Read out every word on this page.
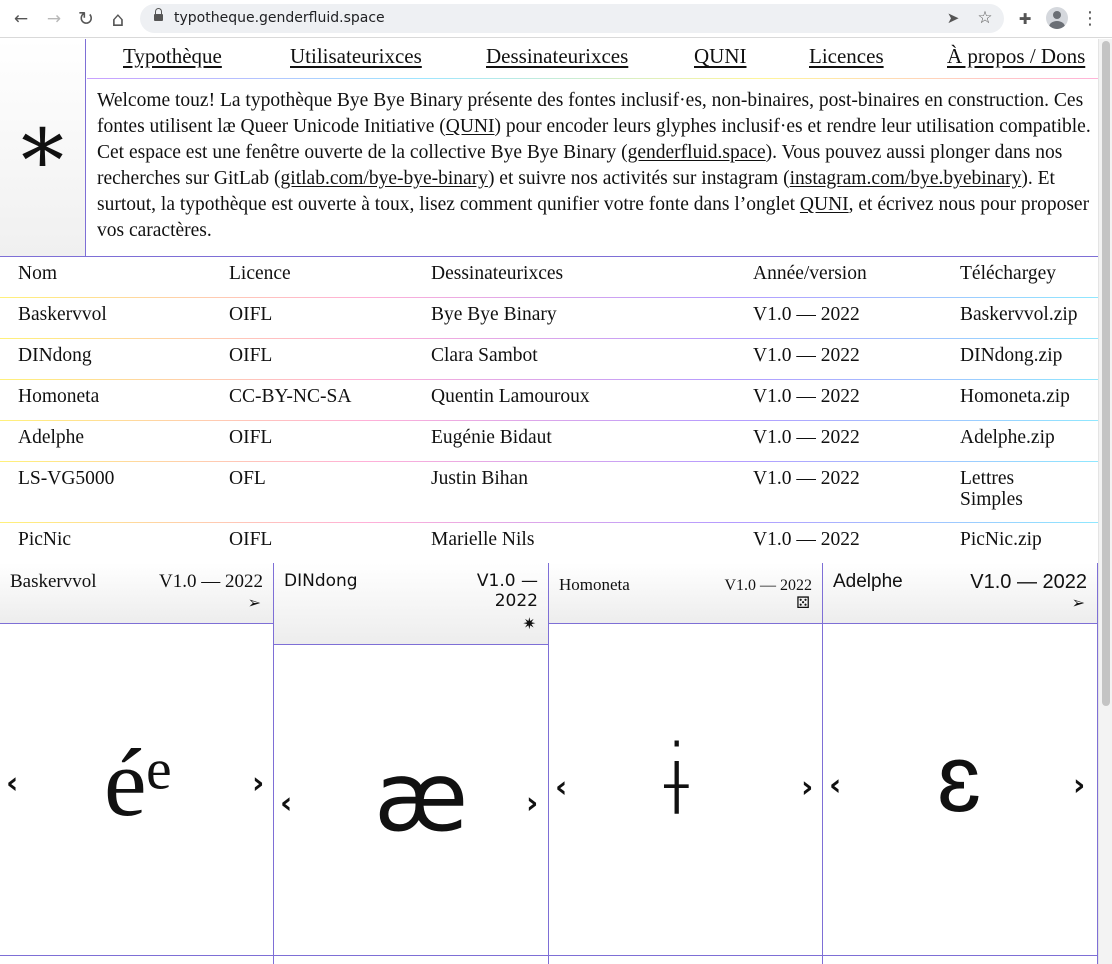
← → ↻ ⌂	typotheque.genderfluid.space	➤ ☆	✚	⋮
*
Typothèque	Utilisateurixces	Dessinateurixces	QUNI	Licences	À propos / Dons

Welcome touz! La typothèque Bye Bye Binary présente des fontes inclusif·es, non-binaires, post-binaires en construction. Ces fontes utilisent læ Queer Unicode Initiative (QUNI) pour encoder leurs glyphes inclusif·es et rendre leur utilisation compatible. Cet espace est une fenêtre ouverte de la collective Bye Bye Binary (genderfluid.space). Vous pouvez aussi plonger dans nos recherches sur GitLab (gitlab.com/bye-bye-binary) et suivre nos activités sur instagram (instagram.com/bye.byebinary). Et surtout, la typothèque est ouverte à toux, lisez comment qunifier votre fonte dans l’onglet QUNI, et écrivez nous pour proposer vos caractères.

Nom	Licence	Dessinateurixces	Année/version	Téléchargey
Baskervvol	OIFL	Bye Bye Binary	V1.0 — 2022	Baskervvol.zip
DINdong	OIFL	Clara Sambot	V1.0 — 2022	DINdong.zip
Homoneta	CC-BY-NC-SA	Quentin Lamouroux	V1.0 — 2022	Homoneta.zip
Adelphe	OIFL	Eugénie Bidaut	V1.0 — 2022	Adelphe.zip
LS-VG5000	OFL	Justin Bihan	V1.0 — 2022	Lettres Simples
PicNic	OIFL	Marielle Nils	V1.0 — 2022	PicNic.zip
Baskervvol	V1.0 — 2022
➢
‹ éᵉ	›
DINdong	V1.0 —
2022
✷
‹ æ ›
Homoneta	V1.0 — 2022
⚄
‹ ɨ	›
Adelphe	V1.0 — 2022
➢
‹ ɛ	›
